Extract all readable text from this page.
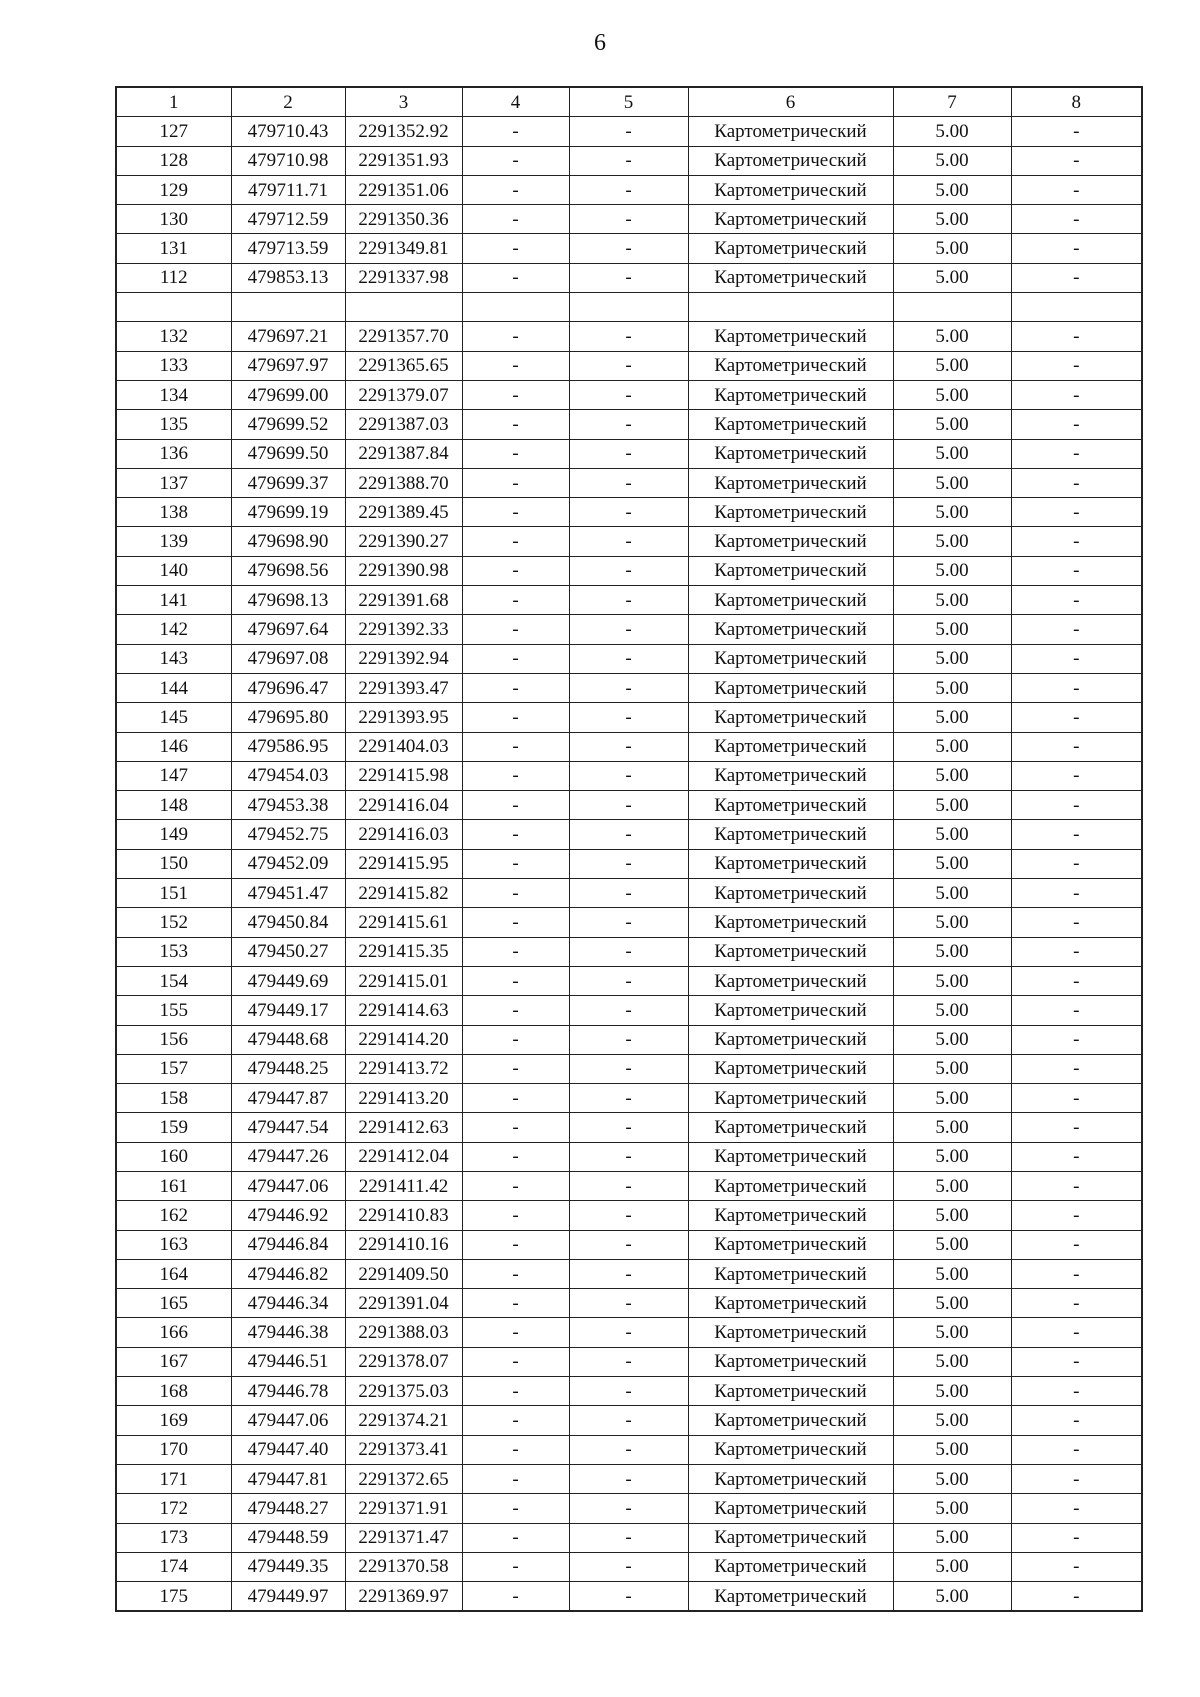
6
1	2	3	4	5	6	7	8
127	479710.43	2291352.92	-	-	Картометрический	5.00	-
128	479710.98	2291351.93	-	-	Картометрический	5.00	-
129	479711.71	2291351.06	-	-	Картометрический	5.00	-
130	479712.59	2291350.36	-	-	Картометрический	5.00	-
131	479713.59	2291349.81	-	-	Картометрический	5.00	-
112	479853.13	2291337.98	-	-	Картометрический	5.00	-

132	479697.21	2291357.70	-	-	Картометрический	5.00	-
133	479697.97	2291365.65	-	-	Картометрический	5.00	-
134	479699.00	2291379.07	-	-	Картометрический	5.00	-
135	479699.52	2291387.03	-	-	Картометрический	5.00	-
136	479699.50	2291387.84	-	-	Картометрический	5.00	-
137	479699.37	2291388.70	-	-	Картометрический	5.00	-
138	479699.19	2291389.45	-	-	Картометрический	5.00	-
139	479698.90	2291390.27	-	-	Картометрический	5.00	-
140	479698.56	2291390.98	-	-	Картометрический	5.00	-
141	479698.13	2291391.68	-	-	Картометрический	5.00	-
142	479697.64	2291392.33	-	-	Картометрический	5.00	-
143	479697.08	2291392.94	-	-	Картометрический	5.00	-
144	479696.47	2291393.47	-	-	Картометрический	5.00	-
145	479695.80	2291393.95	-	-	Картометрический	5.00	-
146	479586.95	2291404.03	-	-	Картометрический	5.00	-
147	479454.03	2291415.98	-	-	Картометрический	5.00	-
148	479453.38	2291416.04	-	-	Картометрический	5.00	-
149	479452.75	2291416.03	-	-	Картометрический	5.00	-
150	479452.09	2291415.95	-	-	Картометрический	5.00	-
151	479451.47	2291415.82	-	-	Картометрический	5.00	-
152	479450.84	2291415.61	-	-	Картометрический	5.00	-
153	479450.27	2291415.35	-	-	Картометрический	5.00	-
154	479449.69	2291415.01	-	-	Картометрический	5.00	-
155	479449.17	2291414.63	-	-	Картометрический	5.00	-
156	479448.68	2291414.20	-	-	Картометрический	5.00	-
157	479448.25	2291413.72	-	-	Картометрический	5.00	-
158	479447.87	2291413.20	-	-	Картометрический	5.00	-
159	479447.54	2291412.63	-	-	Картометрический	5.00	-
160	479447.26	2291412.04	-	-	Картометрический	5.00	-
161	479447.06	2291411.42	-	-	Картометрический	5.00	-
162	479446.92	2291410.83	-	-	Картометрический	5.00	-
163	479446.84	2291410.16	-	-	Картометрический	5.00	-
164	479446.82	2291409.50	-	-	Картометрический	5.00	-
165	479446.34	2291391.04	-	-	Картометрический	5.00	-
166	479446.38	2291388.03	-	-	Картометрический	5.00	-
167	479446.51	2291378.07	-	-	Картометрический	5.00	-
168	479446.78	2291375.03	-	-	Картометрический	5.00	-
169	479447.06	2291374.21	-	-	Картометрический	5.00	-
170	479447.40	2291373.41	-	-	Картометрический	5.00	-
171	479447.81	2291372.65	-	-	Картометрический	5.00	-
172	479448.27	2291371.91	-	-	Картометрический	5.00	-
173	479448.59	2291371.47	-	-	Картометрический	5.00	-
174	479449.35	2291370.58	-	-	Картометрический	5.00	-
175	479449.97	2291369.97	-	-	Картометрический	5.00	-
